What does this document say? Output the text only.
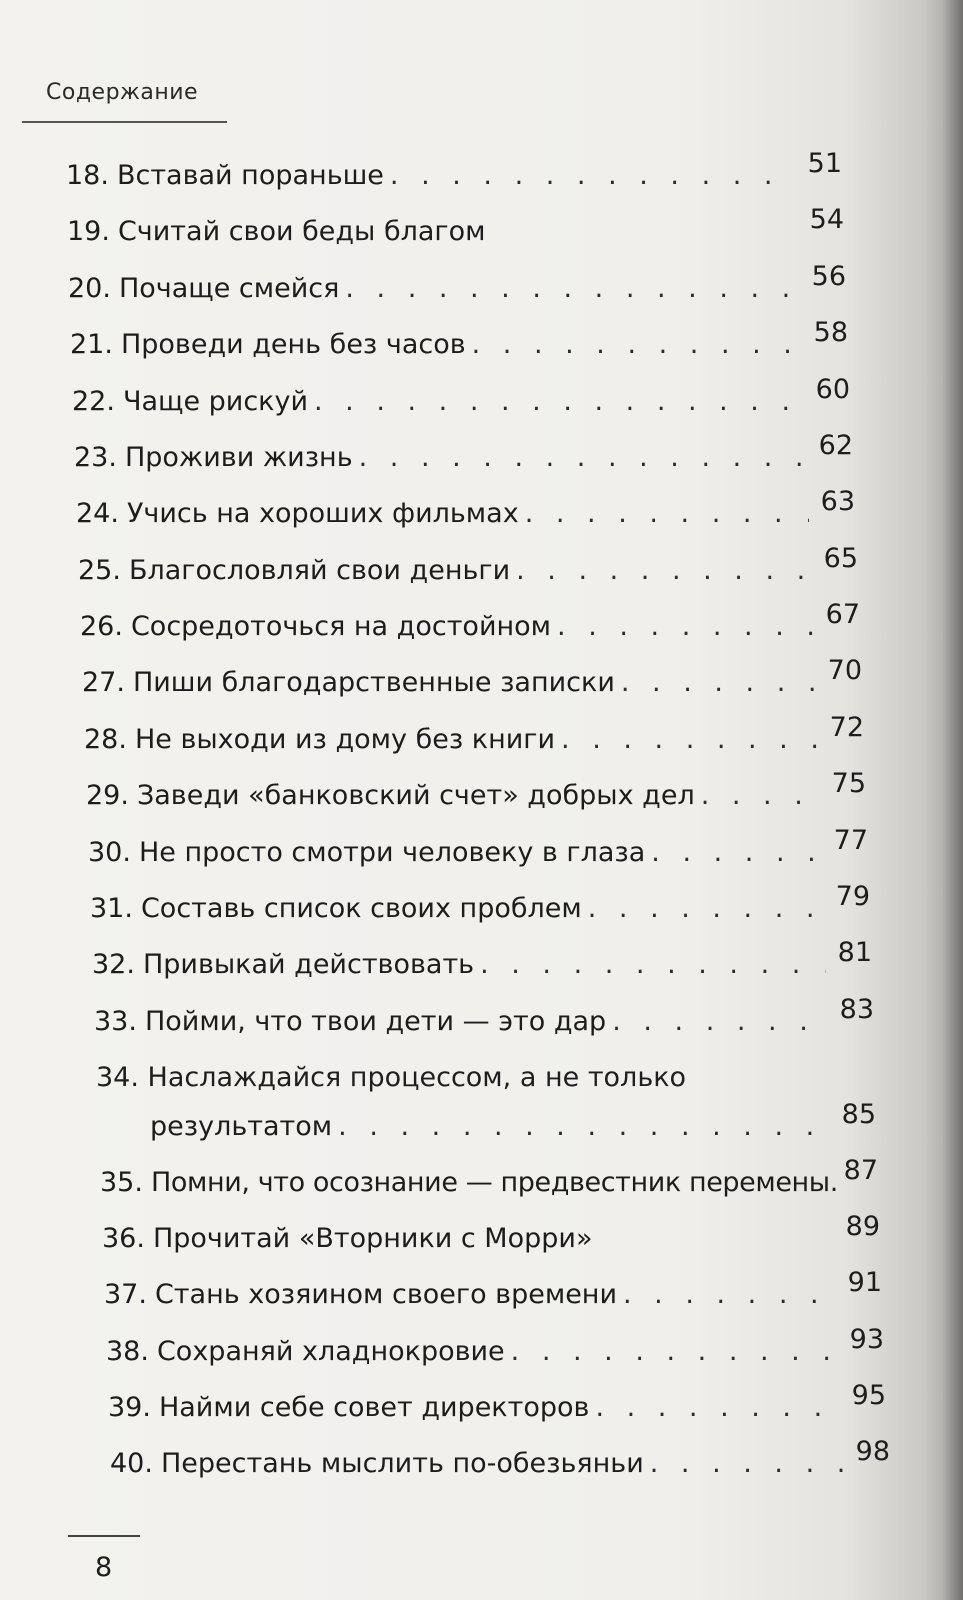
Содержание
18. Вставай пораньше . . .	51
19. Считай свои беды благом	54
20. Почаще смейся . . .	56
21. Проведи день без часов . . .	58
22. Чаще рискуй . . .	60
23. Проживи жизнь . . .	62
24. Учись на хороших фильмах . . .	63
25. Благословляй свои деньги . . .	65
26. Сосредоточься на достойном . . .	67
27. Пиши благодарственные записки . . .	70
28. Не выходи из дому без книги . . .	72
29. Заведи «банковский счет» добрых дел . . .	75
30. Не просто смотри человеку в глаза . . .	77
31. Составь список своих проблем . . .	79
32. Привыкай действовать . . .	81
33. Пойми, что твои дети — это дар . . .	83
34. Наслаждайся процессом, а не только
результатом . . .	85
35. Помни, что осознание — предвестник перемены. 87
36. Прочитай «Вторники с Морри»	89
37. Стань хозяином своего времени . . .	91
38. Сохраняй хладнокровие . . .	93
39. Найми себе совет директоров . . .	95
40. Перестань мыслить по-обезьяньи . . .	98
8
